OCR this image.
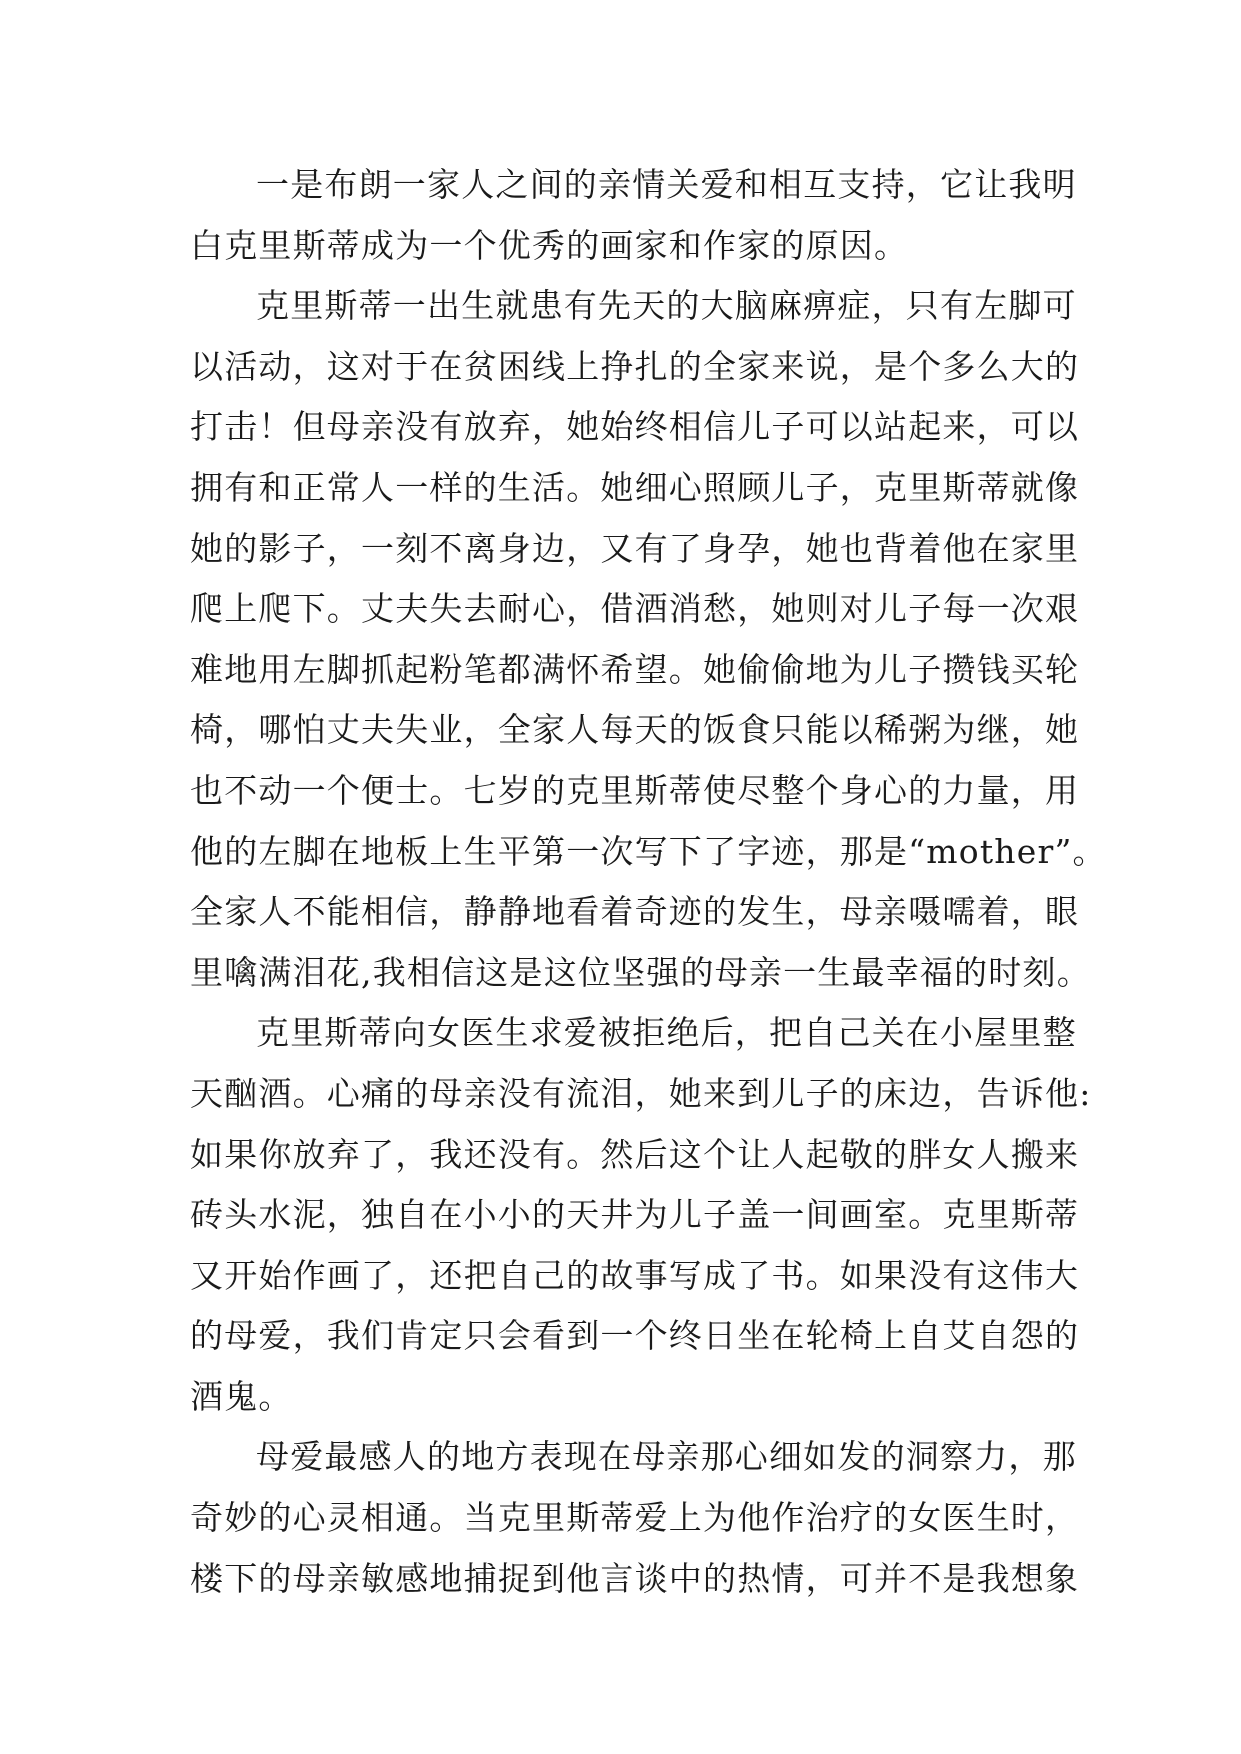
一是布朗一家人之间的亲情关爱和相互支持，它让我明
白克里斯蒂成为一个优秀的画家和作家的原因。
克里斯蒂一出生就患有先天的大脑麻痹症，只有左脚可
以活动，这对于在贫困线上挣扎的全家来说，是个多么大的
打击！但母亲没有放弃，她始终相信儿子可以站起来，可以
拥有和正常人一样的生活。她细心照顾儿子，克里斯蒂就像
她的影子，一刻不离身边，又有了身孕，她也背着他在家里
爬上爬下。丈夫失去耐心，借酒消愁，她则对儿子每一次艰
难地用左脚抓起粉笔都满怀希望。她偷偷地为儿子攒钱买轮
椅，哪怕丈夫失业，全家人每天的饭食只能以稀粥为继，她
也不动一个便士。七岁的克里斯蒂使尽整个身心的力量，用
他的左脚在地板上生平第一次写下了字迹，那是“mother”。
全家人不能相信，静静地看着奇迹的发生，母亲嗫嚅着，眼
里噙满泪花,我相信这是这位坚强的母亲一生最幸福的时刻。
克里斯蒂向女医生求爱被拒绝后，把自己关在小屋里整
天酗酒。心痛的母亲没有流泪，她来到儿子的床边，告诉他:
如果你放弃了，我还没有。然后这个让人起敬的胖女人搬来
砖头水泥，独自在小小的天井为儿子盖一间画室。克里斯蒂
又开始作画了，还把自己的故事写成了书。如果没有这伟大
的母爱，我们肯定只会看到一个终日坐在轮椅上自艾自怨的
酒鬼。
母爱最感人的地方表现在母亲那心细如发的洞察力，那
奇妙的心灵相通。当克里斯蒂爱上为他作治疗的女医生时，
楼下的母亲敏感地捕捉到他言谈中的热情，可并不是我想象
